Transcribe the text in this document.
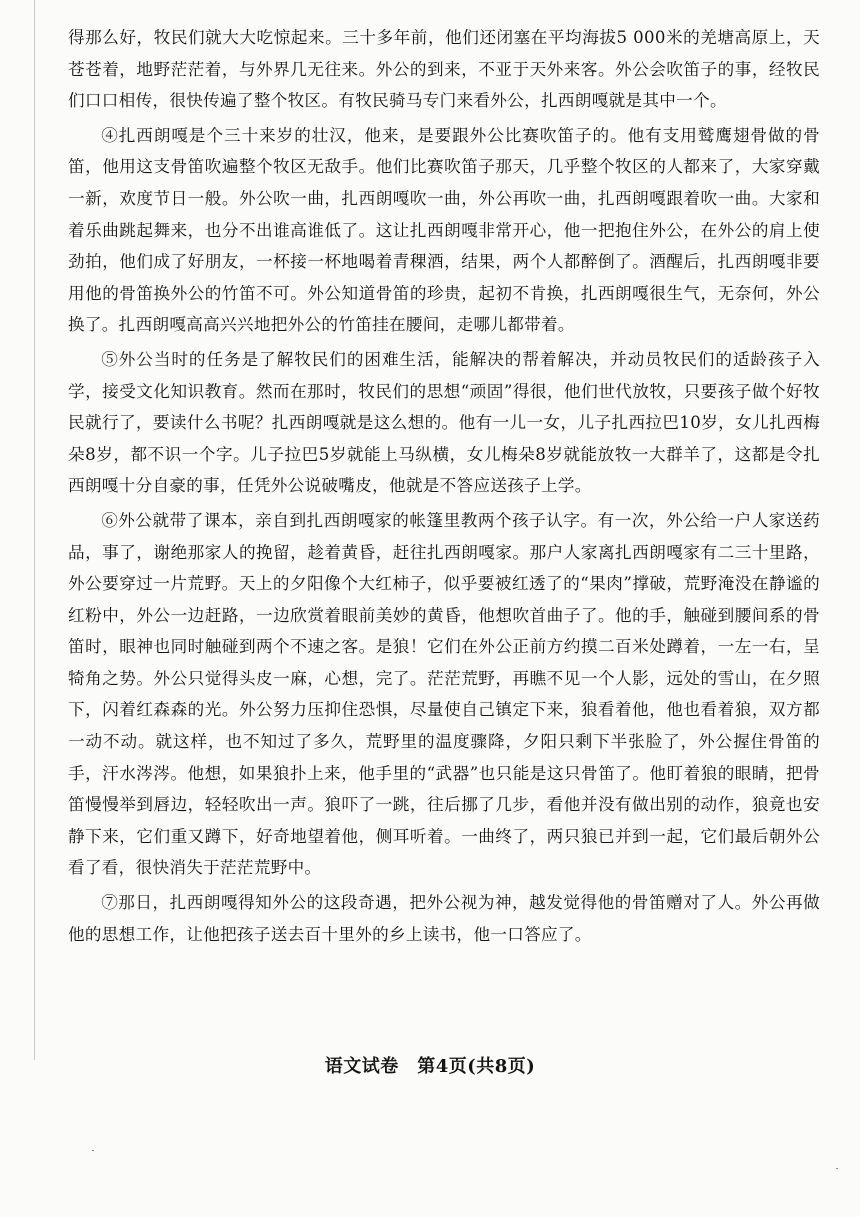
得那么好，牧民们就大大吃惊起来。三十多年前，他们还闭塞在平均海拔5 000米的羌塘高原上，天苍苍着，地野茫茫着，与外界几无往来。外公的到来，不亚于天外来客。外公会吹笛子的事，经牧民们口口相传，很快传遍了整个牧区。有牧民骑马专门来看外公，扎西朗嘎就是其中一个。

④扎西朗嘎是个三十来岁的壮汉，他来，是要跟外公比赛吹笛子的。他有支用鹫鹰翅骨做的骨笛，他用这支骨笛吹遍整个牧区无敌手。他们比赛吹笛子那天，几乎整个牧区的人都来了，大家穿戴一新，欢度节日一般。外公吹一曲，扎西朗嘎吹一曲，外公再吹一曲，扎西朗嘎跟着吹一曲。大家和着乐曲跳起舞来，也分不出谁高谁低了。这让扎西朗嘎非常开心，他一把抱住外公，在外公的肩上使劲拍，他们成了好朋友，一杯接一杯地喝着青稞酒，结果，两个人都醉倒了。酒醒后，扎西朗嘎非要用他的骨笛换外公的竹笛不可。外公知道骨笛的珍贵，起初不肯换，扎西朗嘎很生气，无奈何，外公换了。扎西朗嘎高高兴兴地把外公的竹笛挂在腰间，走哪儿都带着。

⑤外公当时的任务是了解牧民们的困难生活，能解决的帮着解决，并动员牧民们的适龄孩子入学，接受文化知识教育。然而在那时，牧民们的思想“顽固”得很，他们世代放牧，只要孩子做个好牧民就行了，要读什么书呢？扎西朗嘎就是这么想的。他有一儿一女，儿子扎西拉巴10岁，女儿扎西梅朵8岁，都不识一个字。儿子拉巴5岁就能上马纵横，女儿梅朵8岁就能放牧一大群羊了，这都是令扎西朗嘎十分自豪的事，任凭外公说破嘴皮，他就是不答应送孩子上学。

⑥外公就带了课本，亲自到扎西朗嘎家的帐篷里教两个孩子认字。有一次，外公给一户人家送药品，事了，谢绝那家人的挽留，趁着黄昏，赶往扎西朗嘎家。那户人家离扎西朗嘎家有二三十里路，外公要穿过一片荒野。天上的夕阳像个大红柿子，似乎要被红透了的“果肉”撑破，荒野淹没在静谧的红粉中，外公一边赶路，一边欣赏着眼前美妙的黄昏，他想吹首曲子了。他的手，触碰到腰间系的骨笛时，眼神也同时触碰到两个不速之客。是狼！它们在外公正前方约摸二百米处蹲着，一左一右，呈犄角之势。外公只觉得头皮一麻，心想，完了。茫茫荒野，再瞧不见一个人影，远处的雪山，在夕照下，闪着红森森的光。外公努力压抑住恐惧，尽量使自己镇定下来，狼看着他，他也看着狼，双方都一动不动。就这样，也不知过了多久，荒野里的温度骤降，夕阳只剩下半张脸了，外公握住骨笛的手，汗水涔涔。他想，如果狼扑上来，他手里的“武器”也只能是这只骨笛了。他盯着狼的眼睛，把骨笛慢慢举到唇边，轻轻吹出一声。狼吓了一跳，往后挪了几步，看他并没有做出别的动作，狼竟也安静下来，它们重又蹲下，好奇地望着他，侧耳听着。一曲终了，两只狼已并到一起，它们最后朝外公看了看，很快消失于茫茫荒野中。

⑦那日，扎西朗嘎得知外公的这段奇遇，把外公视为神，越发觉得他的骨笛赠对了人。外公再做他的思想工作，让他把孩子送去百十里外的乡上读书，他一口答应了。

语文试卷　第4页(共8页)
